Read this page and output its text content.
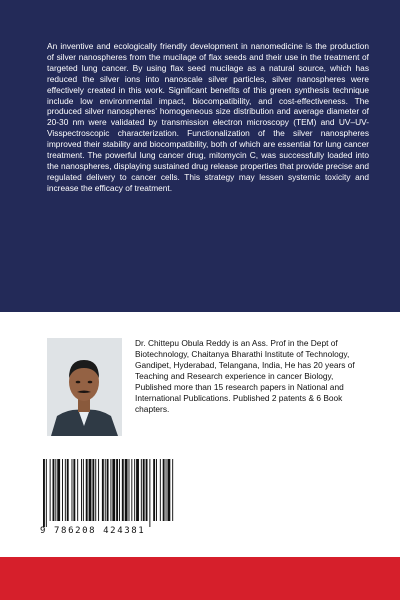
An inventive and ecologically friendly development in nanomedicine is the production of silver nanospheres from the mucilage of flax seeds and their use in the treatment of targeted lung cancer. By using flax seed mucilage as a natural source, which has reduced the silver ions into nanoscale silver particles, silver nanospheres were effectively created in this work. Significant benefits of this green synthesis technique include low environmental impact, biocompatibility, and cost-effectiveness. The produced silver nanospheres' homogeneous size distribution and average diameter of 20-30 nm were validated by transmission electron microscopy (TEM) and UV–UV-Visspectroscopic characterization. Functionalization of the silver nanospheres improved their stability and biocompatibility, both of which are essential for lung cancer treatment. The powerful lung cancer drug, mitomycin C, was successfully loaded into the nanospheres, displaying sustained drug release properties that provide precise and regulated delivery to cancer cells. This strategy may lessen systemic toxicity and increase the efficacy of treatment.

Dr. Chittepu Obula Reddy is an Ass. Prof in the Dept of Biotechnology, Chaitanya Bharathi Institute of Technology, Gandipet, Hyderabad, Telangana, India, He has 20 years of Teaching and Research experience in cancer Biology, Published more than 15 research papers in National and International Publications. Published 2 patents & 6 Book chapters.

9 786208 424381
